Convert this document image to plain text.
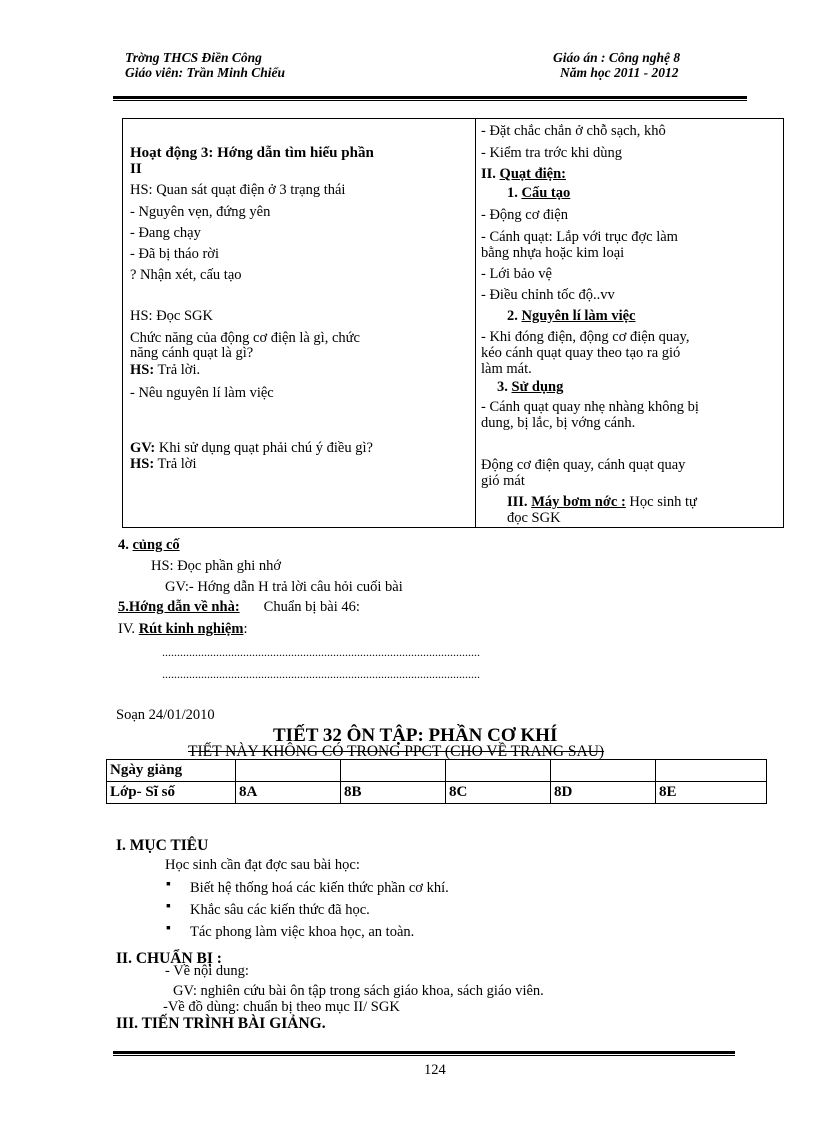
Trờng THCS Điền Công
Giáo viên: Trần Minh Chiểu
Giáo án : Công nghệ 8
Năm học 2011 - 2012
Hoạt động 3: Hớng dẫn tìm hiểu phần
II
HS: Quan sát quạt điện ở 3 trạng thái
- Nguyên vẹn, đứng yên
- Đang chạy
- Đã bị tháo rời
? Nhận xét, cấu tạo
HS: Đọc SGK
Chức năng của động cơ điện là gì, chức
năng cánh quạt là gì?
HS: Trả lời.
- Nêu nguyên lí làm việc
GV: Khi sử dụng quạt phải chú ý điều gì?
HS: Trả lời
- Đặt chắc chắn ở chỗ sạch, khô
- Kiểm tra trớc khi dùng
II. Quạt điện:
1. Cấu tạo
- Động cơ điện
- Cánh quạt: Lắp với trục đợc làm
bằng nhựa hoặc kim loại
- Lới bảo vệ
- Điều chỉnh tốc độ..vv
2. Nguyên lí làm việc
- Khi đóng điện, động cơ điện quay,
kéo cánh quạt quay theo tạo ra gió
làm mát.
3. Sử dụng
- Cánh quạt quay nhẹ nhàng không bị
dung, bị lắc, bị vớng cánh.
Động cơ điện quay, cánh quạt quay
gió mát
III. Máy bơm nớc : Học sinh tự
đọc SGK
4. củng cố
HS: Đọc phần ghi nhớ
GV:- Hớng dẫn H trả lời câu hỏi cuối bài
5.Hớng dẫn về nhà: Chuẩn bị bài 46:
IV. Rút kinh nghiệm:
..........................................................................................................
..........................................................................................................
Soạn 24/01/2010
TIẾT 32 ÔN TẬP: PHẦN CƠ KHÍ
TIẾT NÀY KHÔNG CÓ TRONG PPCT (CHO VỀ TRANG SAU)
Ngày giảng					
Lớp- Sĩ số	8A	8B	8C	8D	8E
I. MỤC TIÊU
Học sinh cần đạt đợc sau bài học:
▪ Biết hệ thống hoá các kiến thức phần cơ khí.
▪ Khắc sâu các kiến thức đã học.
▪ Tác phong làm việc khoa học, an toàn.
II. CHUẨN BỊ :
- Về nội dung:
GV: nghiên cứu bài ôn tập trong sách giáo khoa, sách giáo viên.
-Về đồ dùng: chuẩn bị theo mục II/ SGK
III. TIẾN TRÌNH BÀI GIẢNG.
124
